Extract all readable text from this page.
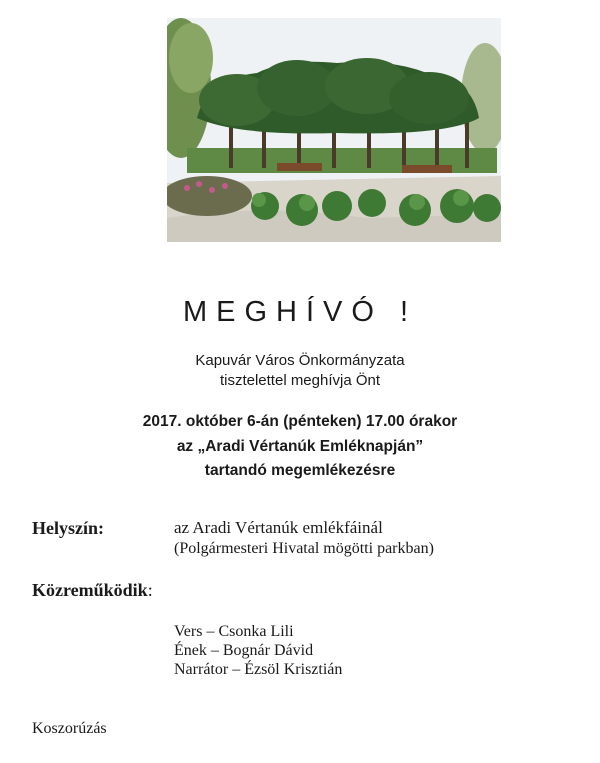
MEGHÍVÓ !
Kapuvár Város Önkormányzata
tisztelettel meghívja Önt
2017. október 6-án (pénteken) 17.00 órakor
az „Aradi Vértanúk Emléknapján”
tartandó megemlékezésre
Helyszín:	az Aradi Vértanúk emlékfáinál
(Polgármesteri Hivatal mögötti parkban)
Közreműködik:
Vers – Csonka Lili
Ének – Bognár Dávid
Narrátor – Ézsöl Krisztián
Koszorúzás
